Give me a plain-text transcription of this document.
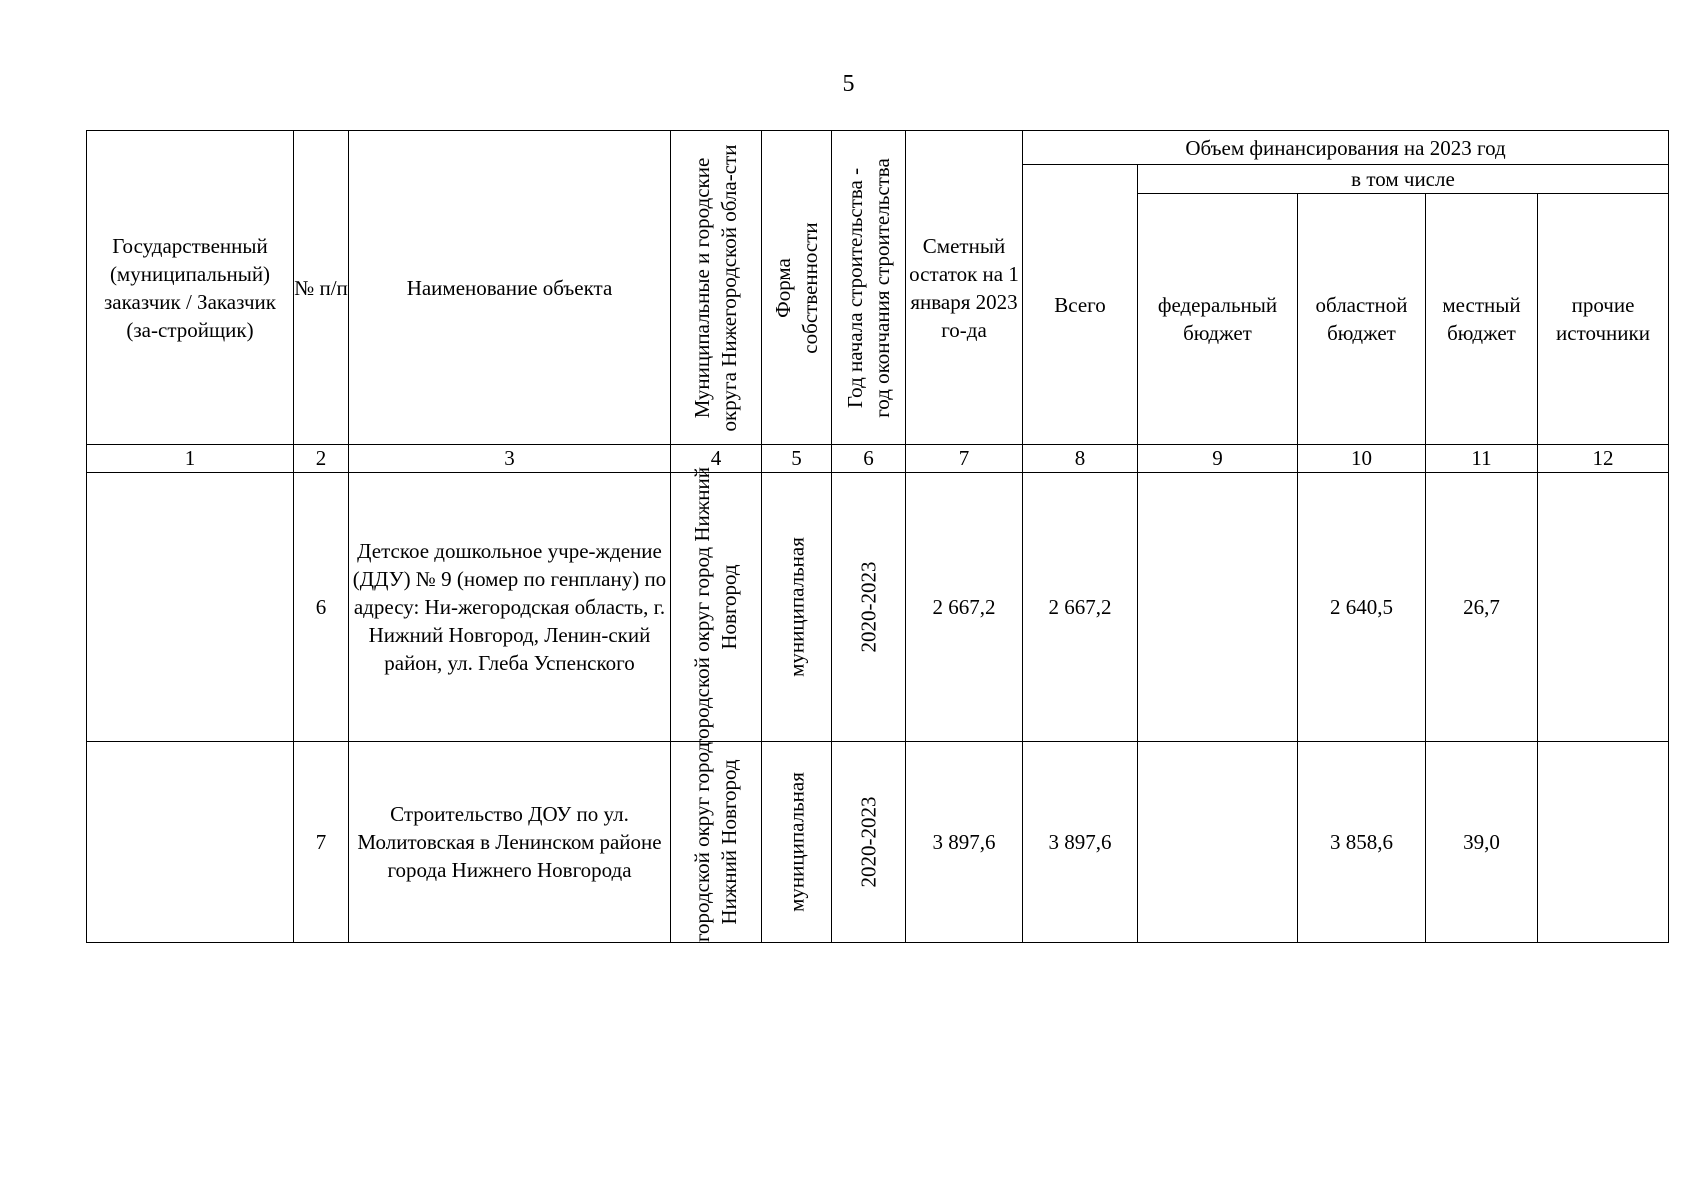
5
Государственный (муниципальный) заказчик / Заказчик (за-стройщик)	№ п/п	Наименование объекта	Муниципальные и городские округа Нижегородской обла-сти	Форма собственности	Год начала строительства - год окончания строительства	Сметный остаток на 1 января 2023 го-да	Объем финансирования на 2023 год				
							Всего	в том числе			
								федеральный бюджет	областной бюджет	местный бюджет	прочие источники
1	2	3	4	5	6	7	8	9	10	11	12
	6	Детское дошкольное учре-ждение (ДДУ) № 9 (номер по генплану) по адресу: Ни-жегородская область, г. Нижний Новгород, Ленин-ский район, ул. Глеба Успенского	городской округ город Нижний Новгород	муниципальная	2020-2023	2 667,2	2 667,2		2 640,5	26,7	
	7	Строительство ДОУ по ул. Молитовская в Ленинском районе города Нижнего Новгорода	городской округ город Нижний Новгород	муниципальная	2020-2023	3 897,6	3 897,6		3 858,6	39,0	
